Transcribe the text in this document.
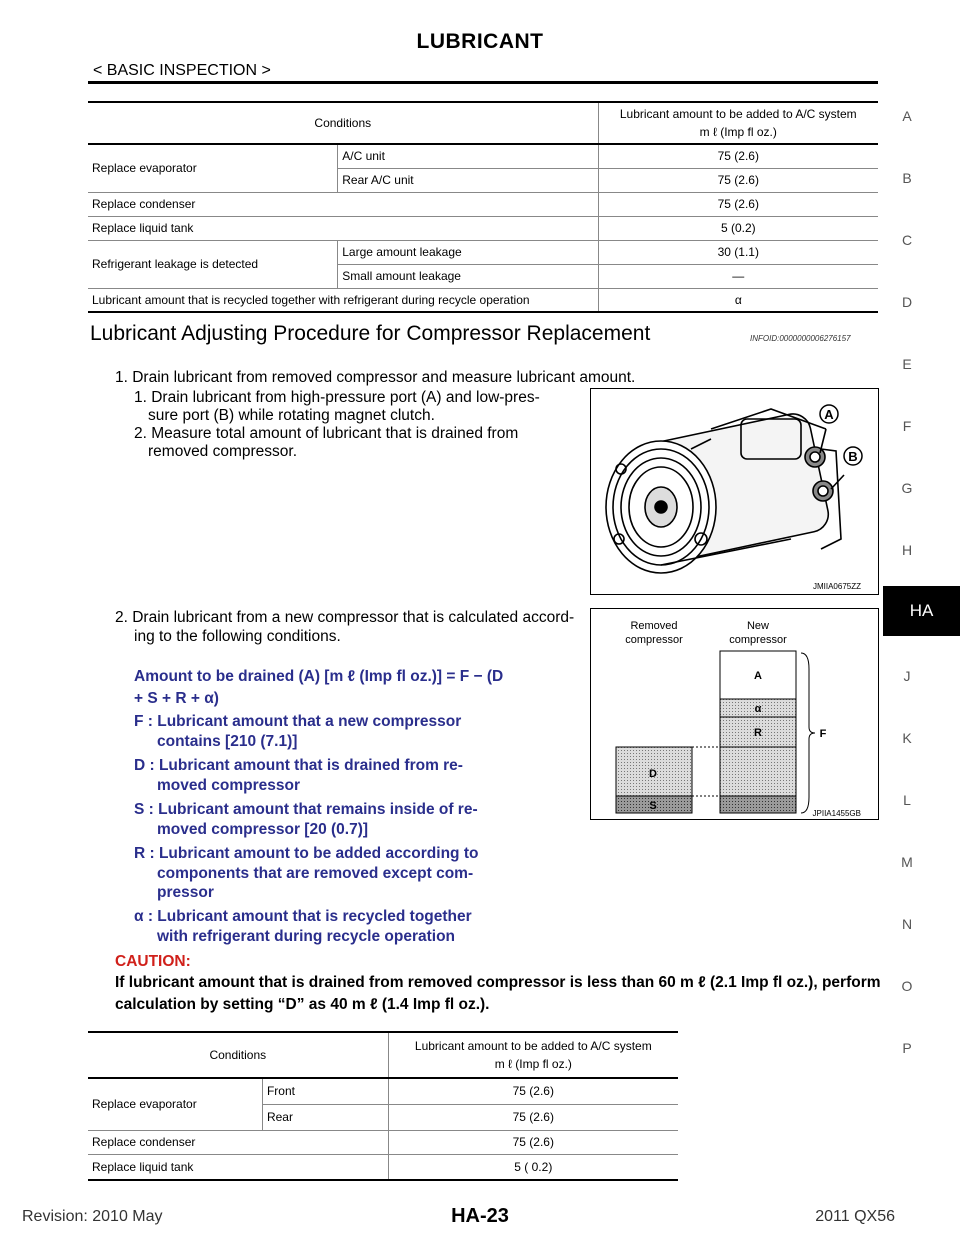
LUBRICANT
< BASIC INSPECTION >
A
B
C
D
E
F
G
H
HA
J
K
L
M
N
O
P
Conditions		Lubricant amount to be added to A/C system
m ℓ (Imp fl oz.)
Replace evaporator	A/C unit	75 (2.6)
	Rear A/C unit	75 (2.6)
Replace condenser		75 (2.6)
Replace liquid tank		5 (0.2)
Refrigerant leakage is detected	Large amount leakage	30 (1.1)
	Small amount leakage	—
Lubricant amount that is recycled together with refrigerant during recycle operation		α
Lubricant Adjusting Procedure for Compressor Replacement	INFOID:0000000006276157
1. Drain lubricant from removed compressor and measure lubricant amount.
1. Drain lubricant from high-pressure port (A) and low-pres-
sure port (B) while rotating magnet clutch.
2. Measure total amount of lubricant that is drained from
removed compressor.
2. Drain lubricant from a new compressor that is calculated accord-
ing to the following conditions.
Amount to be drained (A) [m ℓ (Imp fl oz.)] = F − (D
+ S + R + α)
F : Lubricant amount that a new compressor
contains [210 (7.1)]
D : Lubricant amount that is drained from re-
moved compressor
S : Lubricant amount that remains inside of re-
moved compressor [20 (0.7)]
R : Lubricant amount to be added according to
components that are removed except com-
pressor
α : Lubricant amount that is recycled together
with refrigerant during recycle operation
CAUTION:
If lubricant amount that is drained from removed compressor is less than 60 m ℓ (2.1 Imp fl oz.), perform calculation by setting “D” as 40 m ℓ (1.4 Imp fl oz.).
A
B
JMIIA0675ZZ
Removed
compressor
New
compressor
A
α
R
D
S
F
JPIIA1455GB
Conditions		Lubricant amount to be added to A/C system
m ℓ (Imp fl oz.)
Replace evaporator	Front	75 (2.6)
	Rear	75 (2.6)
Replace condenser		75 (2.6)
Replace liquid tank		5 ( 0.2)
Revision: 2010 May	HA-23	2011 QX56
